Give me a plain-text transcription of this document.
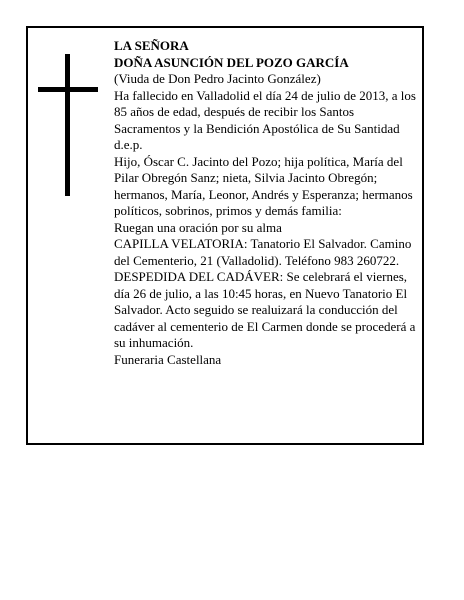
LA SEÑORA

DOÑA ASUNCIÓN DEL POZO GARCÍA

(Viuda de Don Pedro Jacinto González)

Ha fallecido en Valladolid el día 24 de julio de 2013, a los 85 años de edad, después de recibir los Santos Sacramentos y la Bendición Apostólica de Su Santidad

d.e.p.

Hijo, Óscar C. Jacinto del Pozo; hija política, María del Pilar Obregón Sanz; nieta, Silvia Jacinto Obregón; hermanos, María, Leonor, Andrés y Esperanza; hermanos políticos, sobrinos, primos y demás familia:

Ruegan una oración por su alma

CAPILLA VELATORIA: Tanatorio El Salvador. Camino del Cementerio, 21 (Valladolid). Teléfono 983 260722.

DESPEDIDA DEL CADÁVER: Se celebrará el viernes, día 26 de julio, a las 10:45 horas, en Nuevo Tanatorio El Salvador. Acto seguido se realuizará la conducción del cadáver al cementerio de El Carmen donde se procederá a su inhumación.

Funeraria Castellana
